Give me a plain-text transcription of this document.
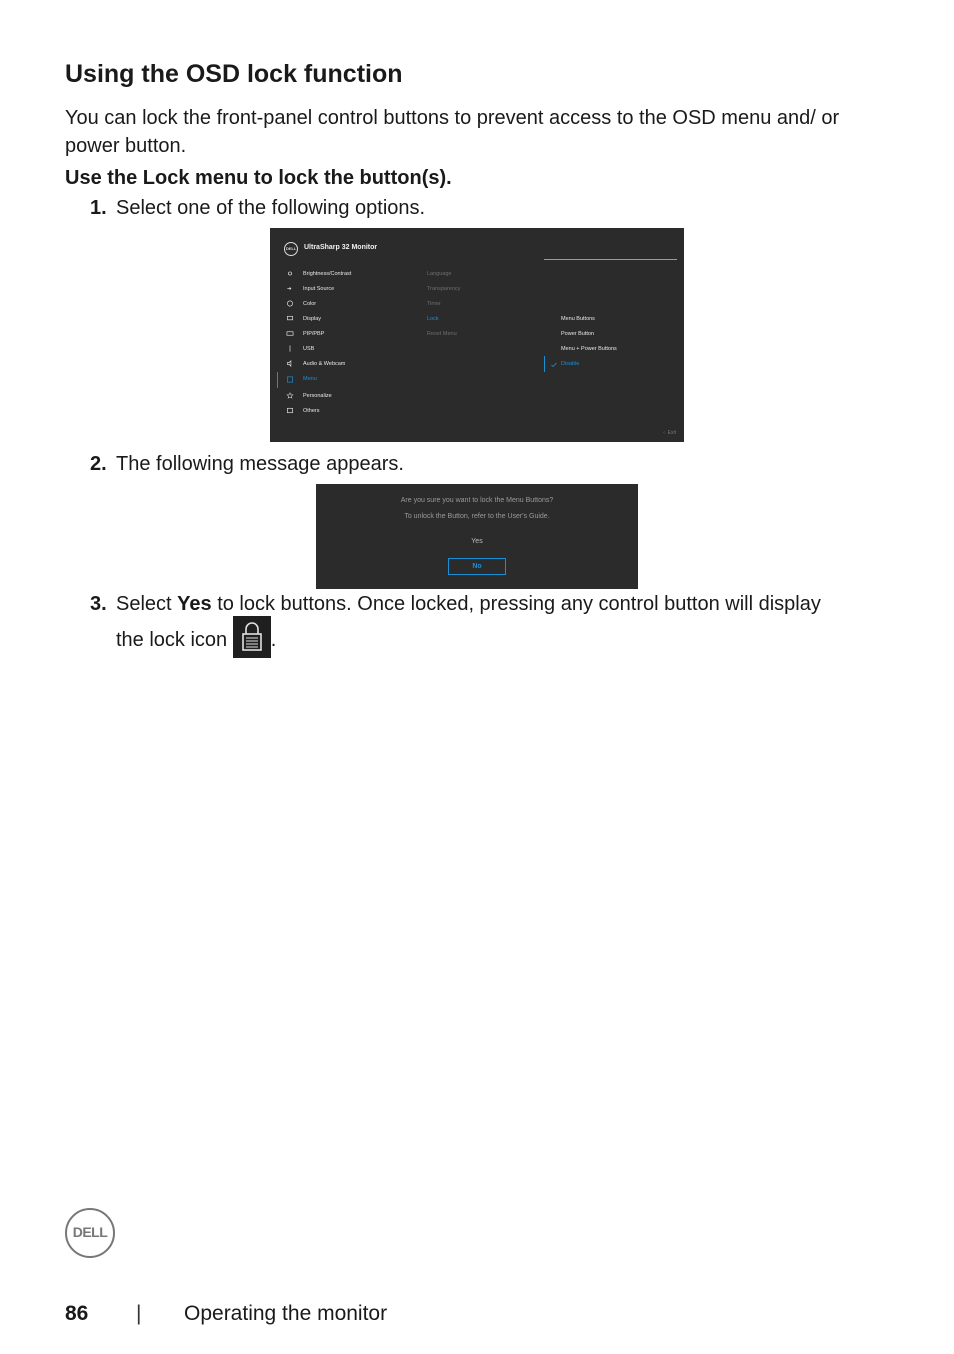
Using the OSD lock function

You can lock the front-panel control buttons to prevent access to the OSD menu and/ or power button.

Use the Lock menu to lock the button(s).

1. Select one of the following options.
DELL UltraSharp 32 Monitor
Brightness/Contrast
Input Source
Color
Display
PIP/PBP
USB
Audio & Webcam
Menu
Personalize
Others
Language
Transparency
Timer
Lock
Reset Menu
Menu Buttons
Power Button
Menu + Power Buttons
Disable
‹  Exit
2. The following message appears.
Are you sure you want to lock the Menu Buttons?
To unlock the Button, refer to the User's Guide.
Yes
No
3. Select Yes to lock buttons. Once locked, pressing any control button will display
the lock icon .
DELL
86 | Operating the monitor
